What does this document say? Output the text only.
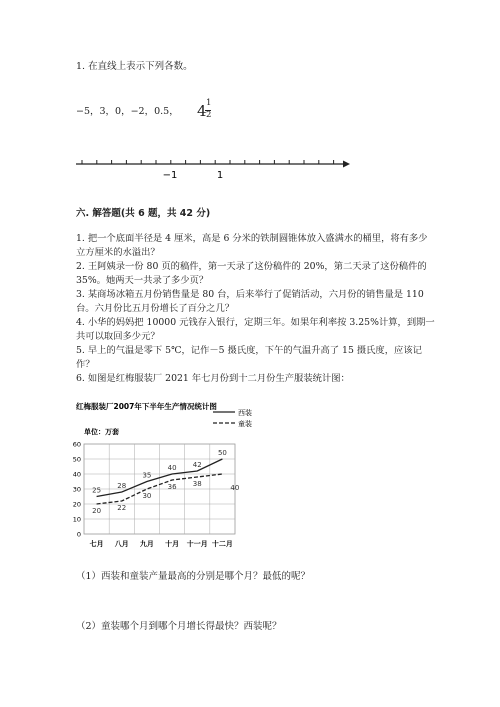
1. 在直线上表示下列各数。
−5，3，0，−2，0.5， 4 1
2
−1	1
六. 解答题(共 6 题，共 42 分)
1. 把一个底面半径是 4 厘米，高是 6 分米的铁制圆锥体放入盛满水的桶里，将有多少立方厘米的水溢出？
2. 王阿姨录一份 80 页的稿件，第一天录了这份稿件的 20%，第二天录了这份稿件的 35%。她两天一共录了多少页？
3. 某商场冰箱五月份销售量是 80 台，后来举行了促销活动，六月份的销售量是 110 台。六月份比五月份增长了百分之几？
4. 小华的妈妈把 10000 元钱存入银行，定期三年。如果年利率按 3.25%计算，到期一共可以取回多少元？
5. 早上的气温是零下 5℃，记作－5 摄氏度，下午的气温升高了 15 摄氏度，应该记作？
6. 如图是红梅服装厂 2021 年七月份到十二月份生产服装统计图：
红梅服装厂2007年下半年生产情况统计图
单位：万套
西装
童装
0
10
20
30
40
50
60
七月 八月 九月 十月 十一月 十二月
25
28
35
40 42
50
20 22
30
36 38	40
（1）西装和童装产量最高的分别是哪个月？最低的呢？
（2）童装哪个月到哪个月增长得最快？西装呢？
